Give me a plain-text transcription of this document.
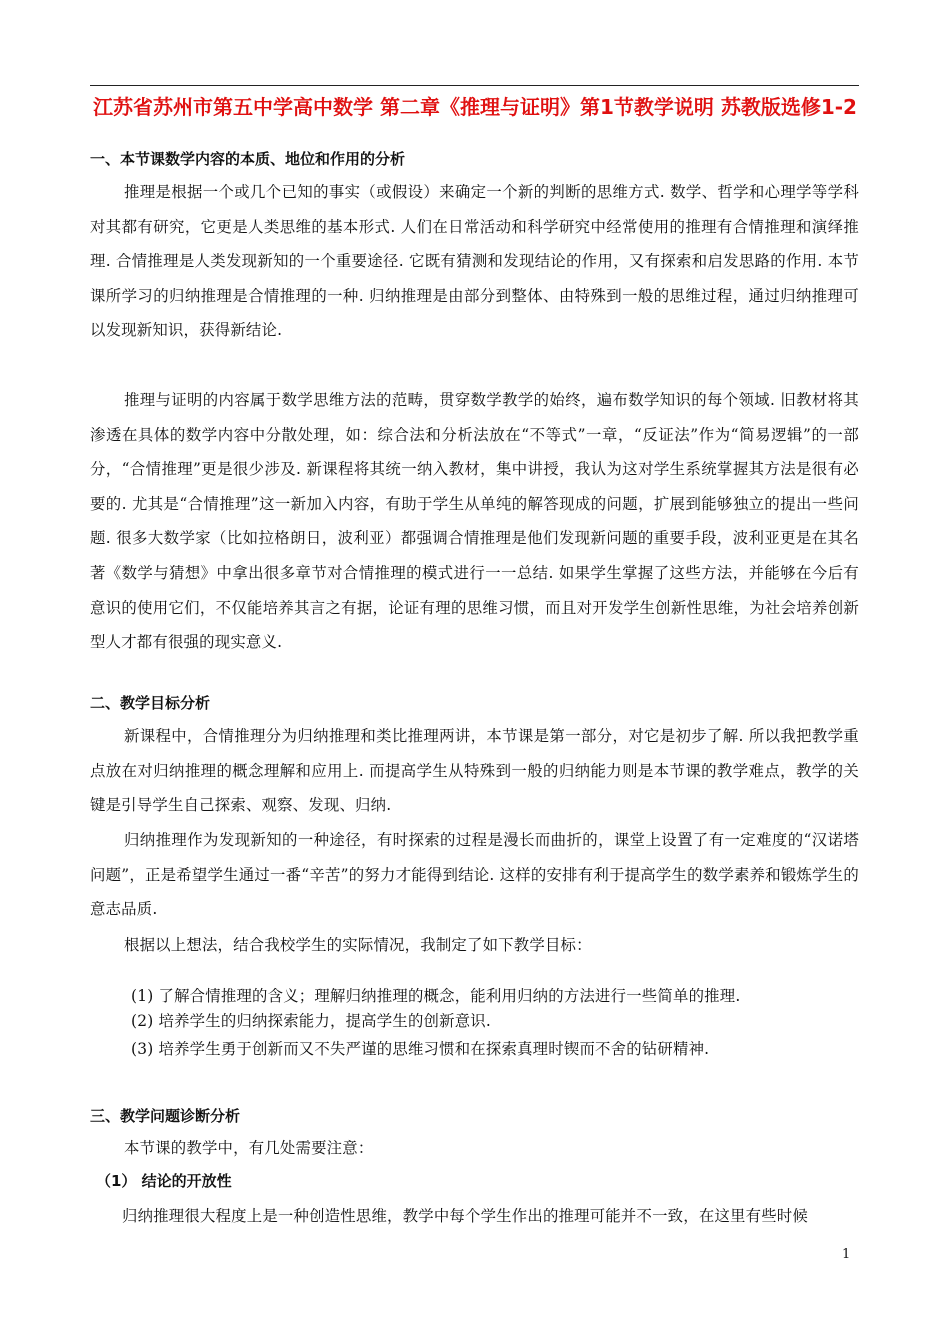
江苏省苏州市第五中学高中数学 第二章《推理与证明》第1节教学说明 苏教版选修1-2
一、本节课数学内容的本质、地位和作用的分析

推理是根据一个或几个已知的事实（或假设）来确定一个新的判断的思维方式. 数学、哲学和心理学等学科对其都有研究，它更是人类思维的基本形式. 人们在日常活动和科学研究中经常使用的推理有合情推理和演绎推理. 合情推理是人类发现新知的一个重要途径. 它既有猜测和发现结论的作用，又有探索和启发思路的作用. 本节课所学习的归纳推理是合情推理的一种. 归纳推理是由部分到整体、由特殊到一般的思维过程，通过归纳推理可以发现新知识，获得新结论.

推理与证明的内容属于数学思维方法的范畴，贯穿数学教学的始终，遍布数学知识的每个领域. 旧教材将其渗透在具体的数学内容中分散处理，如：综合法和分析法放在“不等式”一章，“反证法”作为“简易逻辑”的一部分，“合情推理”更是很少涉及. 新课程将其统一纳入教材，集中讲授，我认为这对学生系统掌握其方法是很有必要的. 尤其是“合情推理”这一新加入内容，有助于学生从单纯的解答现成的问题，扩展到能够独立的提出一些问题. 很多大数学家（比如拉格朗日，波利亚）都强调合情推理是他们发现新问题的重要手段，波利亚更是在其名著《数学与猜想》中拿出很多章节对合情推理的模式进行一一总结. 如果学生掌握了这些方法，并能够在今后有意识的使用它们，不仅能培养其言之有据，论证有理的思维习惯，而且对开发学生创新性思维，为社会培养创新型人才都有很强的现实意义.

二、教学目标分析

新课程中，合情推理分为归纳推理和类比推理两讲，本节课是第一部分，对它是初步了解. 所以我把教学重点放在对归纳推理的概念理解和应用上. 而提高学生从特殊到一般的归纳能力则是本节课的教学难点，教学的关键是引导学生自己探索、观察、发现、归纳.

归纳推理作为发现新知的一种途径，有时探索的过程是漫长而曲折的，课堂上设置了有一定难度的“汉诺塔问题”，正是希望学生通过一番“辛苦”的努力才能得到结论. 这样的安排有利于提高学生的数学素养和锻炼学生的意志品质.

根据以上想法，结合我校学生的实际情况，我制定了如下教学目标：

(1) 了解合情推理的含义；理解归纳推理的概念，能利用归纳的方法进行一些简单的推理.

(2) 培养学生的归纳探索能力，提高学生的创新意识.

(3) 培养学生勇于创新而又不失严谨的思维习惯和在探索真理时锲而不舍的钻研精神.

三、教学问题诊断分析

本节课的教学中，有几处需要注意：

（1） 结论的开放性

归纳推理很大程度上是一种创造性思维，教学中每个学生作出的推理可能并不一致，在这里有些时候

1
